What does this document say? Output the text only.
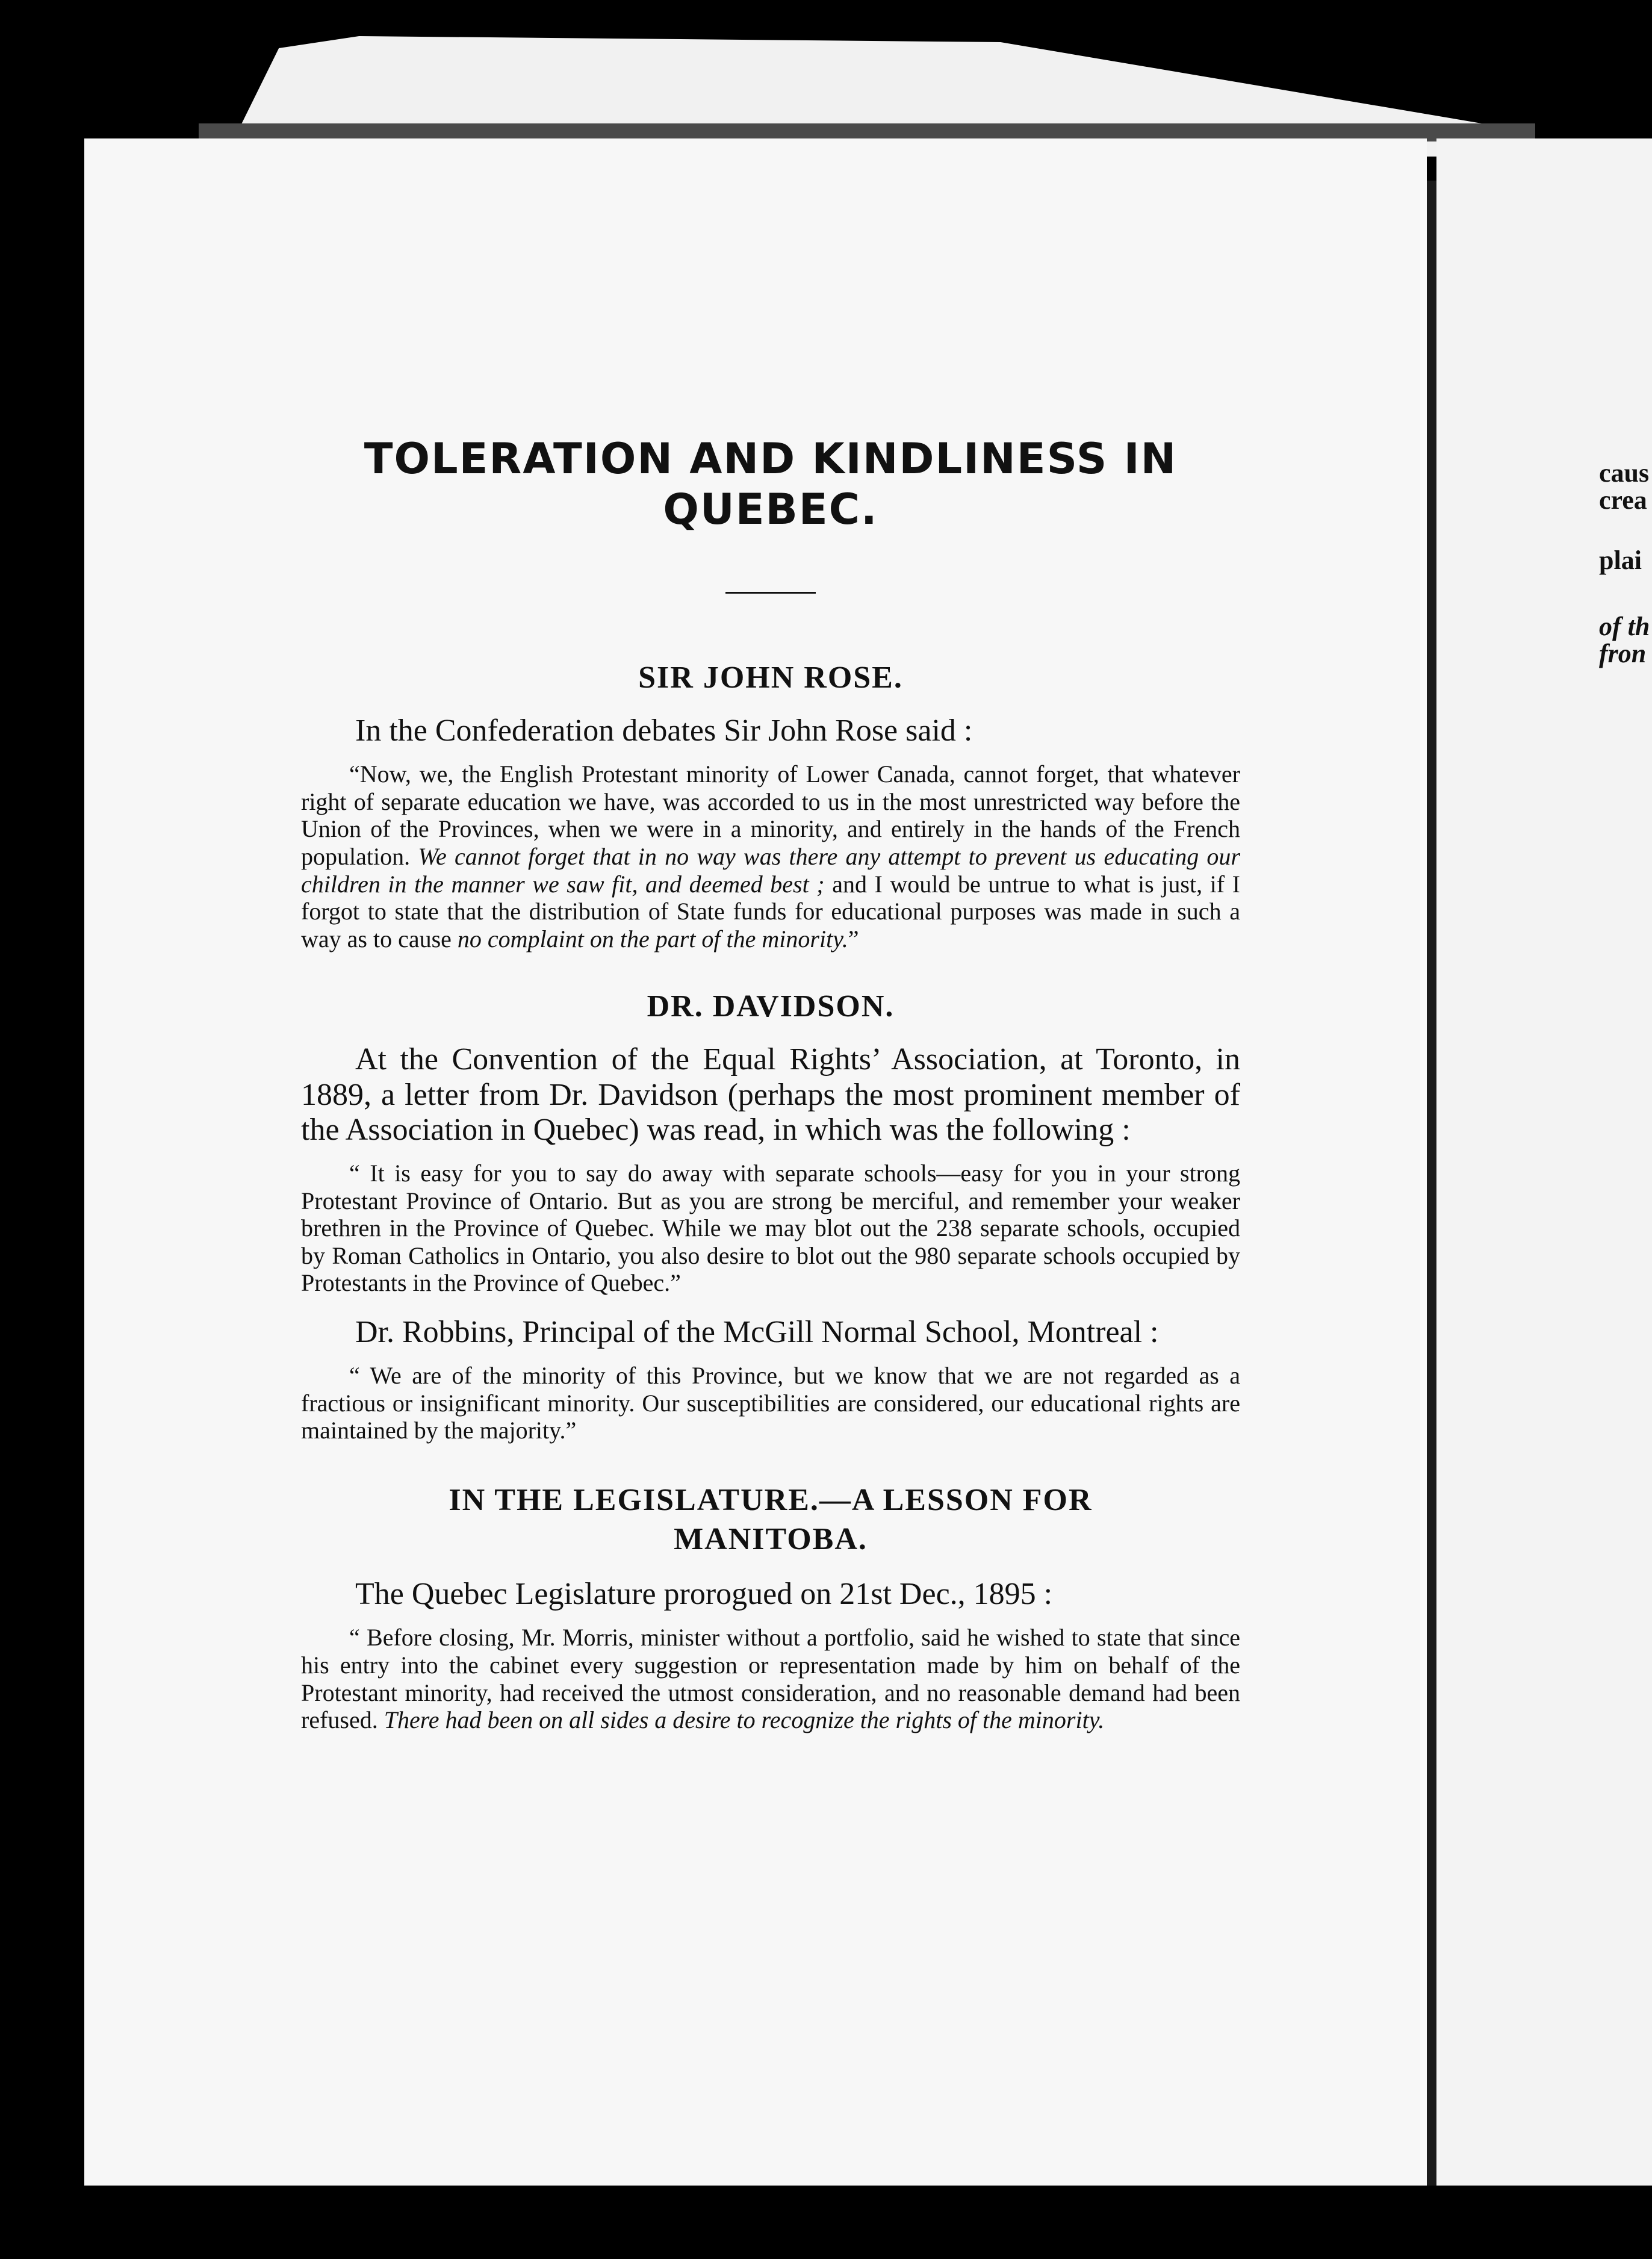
caus
crea
plai
of th
fron
TOLERATION AND KINDLINESS IN QUEBEC.
SIR JOHN ROSE.

In the Confederation debates Sir John Rose said :

“Now, we, the English Protestant minority of Lower Canada, cannot forget, that whatever right of separate education we have, was accorded to us in the most unrestricted way before the Union of the Provinces, when we were in a minority, and entirely in the hands of the French population. We cannot forget that in no way was there any attempt to prevent us educating our children in the manner we saw fit, and deemed best ; and I would be untrue to what is just, if I forgot to state that the distribution of State funds for educational purposes was made in such a way as to cause no complaint on the part of the minority.”

DR. DAVIDSON.

At the Convention of the Equal Rights’ Association, at Toronto, in 1889, a letter from Dr. Davidson (perhaps the most prominent member of the Association in Quebec) was read, in which was the following :

“ It is easy for you to say do away with separate schools—easy for you in your strong Protestant Province of Ontario. But as you are strong be merciful, and remember your weaker brethren in the Province of Quebec. While we may blot out the 238 separate schools, occupied by Roman Catholics in Ontario, you also desire to blot out the 980 separate schools occupied by Protestants in the Province of Quebec.”

Dr. Robbins, Principal of the McGill Normal School, Montreal :

“ We are of the minority of this Province, but we know that we are not regarded as a fractious or insignificant minority. Our susceptibilities are considered, our educational rights are maintained by the majority.”

IN THE LEGISLATURE.—A LESSON FOR MANITOBA.

The Quebec Legislature prorogued on 21st Dec., 1895 :

“ Before closing, Mr. Morris, minister without a portfolio, said he wished to state that since his entry into the cabinet every suggestion or representation made by him on behalf of the Protestant minority, had received the utmost consideration, and no reasonable demand had been refused. There had been on all sides a desire to recognize the rights of the minority.
